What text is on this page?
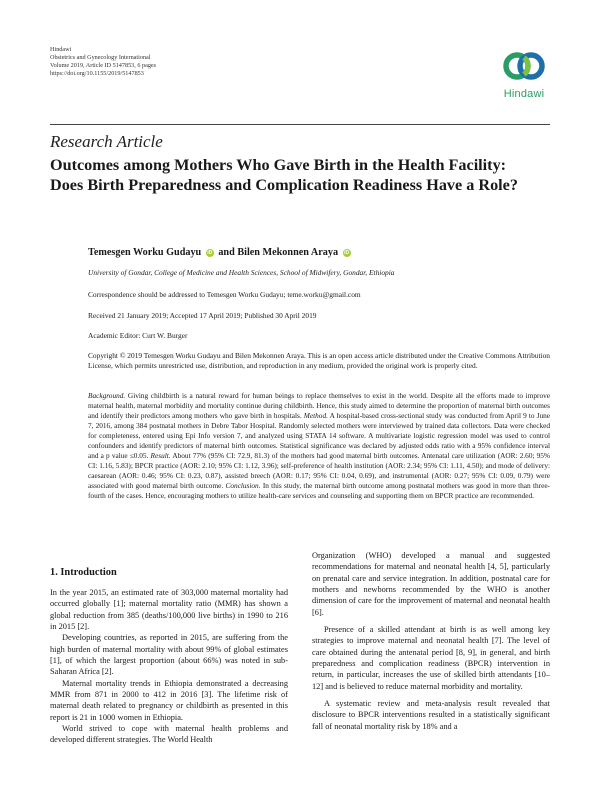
Hindawi
Obstetrics and Gynecology International
Volume 2019, Article ID 5147853, 6 pages
https://doi.org/10.1155/2019/5147853
Hindawi
Research Article
Outcomes among Mothers Who Gave Birth in the Health Facility: Does Birth Preparedness and Complication Readiness Have a Role?
Temesgen Worku Gudayu iD and Bilen Mekonnen Araya iD
University of Gondar, College of Medicine and Health Sciences, School of Midwifery, Gondar, Ethiopia
Correspondence should be addressed to Temesgen Worku Gudayu; teme.worku@gmail.com
Received 21 January 2019; Accepted 17 April 2019; Published 30 April 2019
Academic Editor: Curt W. Burger
Copyright © 2019 Temesgen Worku Gudayu and Bilen Mekonnen Araya. This is an open access article distributed under the Creative Commons Attribution License, which permits unrestricted use, distribution, and reproduction in any medium, provided the original work is properly cited.
Background. Giving childbirth is a natural reward for human beings to replace themselves to exist in the world. Despite all the efforts made to improve maternal health, maternal morbidity and mortality continue during childbirth. Hence, this study aimed to determine the proportion of maternal birth outcomes and identify their predictors among mothers who gave birth in hospitals. Method. A hospital-based cross-sectional study was conducted from April 9 to June 7, 2016, among 384 postnatal mothers in Debre Tabor Hospital. Randomly selected mothers were interviewed by trained data collectors. Data were checked for completeness, entered using Epi Info version 7, and analyzed using STATA 14 software. A multivariate logistic regression model was used to control confounders and identify predictors of maternal birth outcomes. Statistical significance was declared by adjusted odds ratio with a 95% confidence interval and a p value ≤0.05. Result. About 77% (95% CI: 72.9, 81.3) of the mothers had good maternal birth outcomes. Antenatal care utilization (AOR: 2.60; 95% CI: 1.16, 5.83); BPCR practice (AOR: 2.10; 95% CI: 1.12, 3.96); self-preference of health institution (AOR: 2.34; 95% CI: 1.11, 4.50); and mode of delivery: caesarean (AOR: 0.46; 95% CI: 0.23, 0.87), assisted breech (AOR: 0.17; 95% CI: 0.04, 0.69), and instrumental (AOR: 0.27; 95% CI: 0.09, 0.79) were associated with good maternal birth outcome. Conclusion. In this study, the maternal birth outcome among postnatal mothers was good in more than three-fourth of the cases. Hence, encouraging mothers to utilize health-care services and counseling and supporting them on BPCR practice are recommended.
1. Introduction

In the year 2015, an estimated rate of 303,000 maternal mortality had occurred globally [1]; maternal mortality ratio (MMR) has shown a global reduction from 385 (deaths/100,000 live births) in 1990 to 216 in 2015 [2].

Developing countries, as reported in 2015, are suffering from the high burden of maternal mortality with about 99% of global estimates [1], of which the largest proportion (about 66%) was noted in sub-Saharan Africa [2].

Maternal mortality trends in Ethiopia demonstrated a decreasing MMR from 871 in 2000 to 412 in 2016 [3]. The lifetime risk of maternal death related to pregnancy or childbirth as presented in this report is 21 in 1000 women in Ethiopia.

World strived to cope with maternal health problems and developed different strategies. The World Health

Organization (WHO) developed a manual and suggested recommendations for maternal and neonatal health [4, 5], particularly on prenatal care and service integration. In addition, postnatal care for mothers and newborns recommended by the WHO is another dimension of care for the improvement of maternal and neonatal health [6].

Presence of a skilled attendant at birth is as well among key strategies to improve maternal and neonatal health [7]. The level of care obtained during the antenatal period [8, 9], in general, and birth preparedness and complication readiness (BPCR) intervention in return, in particular, increases the use of skilled birth attendants [10–12] and is believed to reduce maternal morbidity and mortality.

A systematic review and meta-analysis result revealed that disclosure to BPCR interventions resulted in a statistically significant fall of neonatal mortality risk by 18% and a
